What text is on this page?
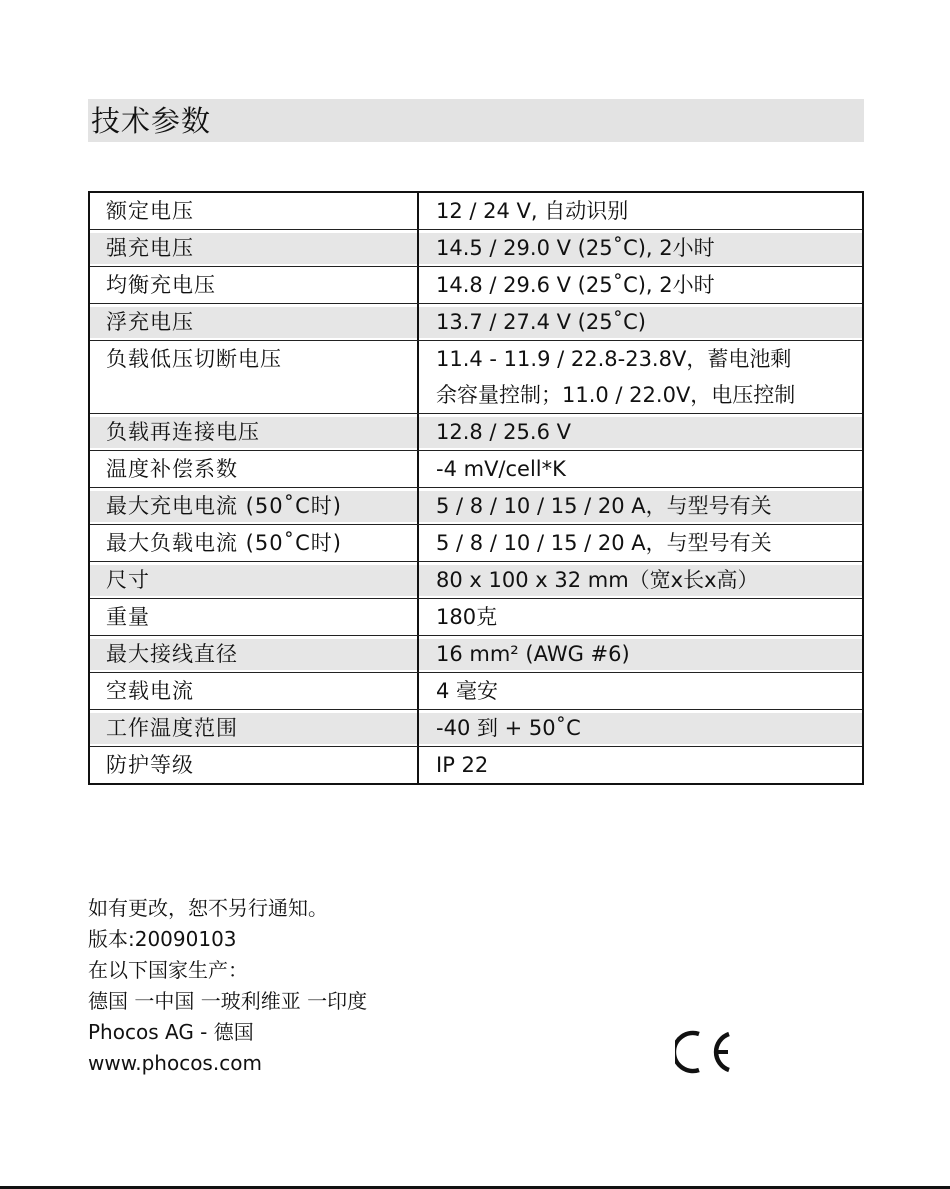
技术参数
额定电压	12 / 24 V, 自动识别
强充电压	14.5 / 29.0 V (25˚C), 2小时
均衡充电压	14.8 / 29.6 V (25˚C), 2小时
浮充电压	13.7 / 27.4 V (25˚C)
负载低压切断电压	11.4 - 11.9 / 22.8-23.8V，蓄电池剩
余容量控制；11.0 / 22.0V，电压控制
负载再连接电压	12.8 / 25.6 V
温度补偿系数	-4 mV/cell*K
最大充电电流 (50˚C时)	5 / 8 / 10 / 15 / 20 A，与型号有关
最大负载电流 (50˚C时)	5 / 8 / 10 / 15 / 20 A，与型号有关
尺寸	80 x 100 x 32 mm（宽x长x高）
重量	180克
最大接线直径	16 mm² (AWG #6)
空载电流	4 毫安
工作温度范围	-40 到 + 50˚C
防护等级	IP 22
如有更改，恕不另行通知。
版本:20090103
在以下国家生产：
德国 一中国 一玻利维亚 一印度
Phocos AG - 德国
www.phocos.com
